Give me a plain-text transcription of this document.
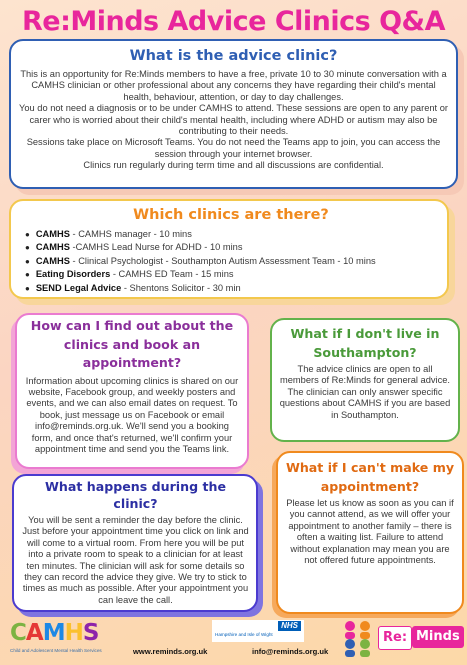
Re:Minds Advice Clinics Q&A
What is the advice clinic?

This is an opportunity for Re:Minds members to have a free, private 10 to 30 minute conversation with a CAMHS clinician or other professional about any concerns they have regarding their child's mental health, behaviour, attention, or day to day challenges.

You do not need a diagnosis or to be under CAMHS to attend. These sessions are open to any parent or carer who is worried about their child's mental health, including where ADHD or autism may also be contributing to their needs.

Sessions take place on Microsoft Teams. You do not need the Teams app to join, you can access the session through your internet browser.

Clinics run regularly during term time and all discussions are confidential.

Which clinics are there?
● CAMHS - CAMHS manager - 10 mins
● CAMHS -CAMHS Lead Nurse for ADHD - 10 mins
● CAMHS - Clinical Psychologist - Southampton Autism Assessment Team - 10 mins
● Eating Disorders - CAMHS ED Team - 15 mins
● SEND Legal Advice - Shentons Solicitor - 30 min
How can I find out about the clinics and book an appointment?

Information about upcoming clinics is shared on our website, Facebook group, and weekly posters and events, and we can also email dates on request. To book, just message us on Facebook or email info@reminds.org.uk. We'll send you a booking form, and once that's returned, we'll confirm your appointment time and send you the Teams link.

What if I don't live in Southampton?

The advice clinics are open to all members of Re:Minds for general advice. The clinician can only answer specific questions about CAMHS if you are based in Southampton.

What if I can't make my appointment?

Please let us know as soon as you can if you cannot attend, as we will offer your appointment to another family – there is often a waiting list. Failure to attend without explanation may mean you are not offered future appointments.

What happens during the clinic?

You will be sent a reminder the day before the clinic. Just before your appointment time you click on link and will come to a virtual room. From here you will be put into a private room to speak to a clinician for at least ten minutes. The clinician will ask for some details so they can record the advice they give. We try to stick to times as much as possible. After your appointment you can leave the call.

CAMHS
Child and Adolescent Mental Health Services
NHS
Hampshire and Isle of Wight
www.reminds.org.uk	info@reminds.org.uk
Re: Minds
